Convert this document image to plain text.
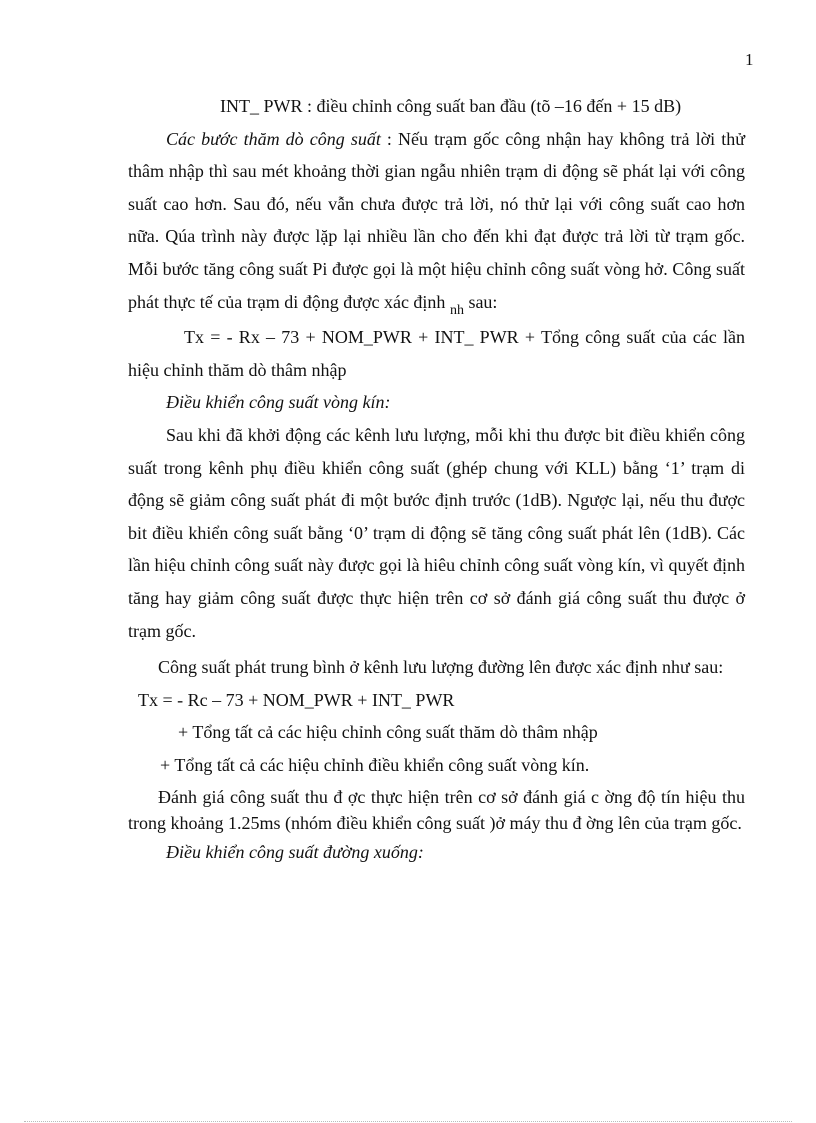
1

INT_ PWR : điều chỉnh công suất ban đầu (tõ –16 đến + 15 dB)

Các bước thăm dò công suất : Nếu trạm gốc công nhận hay không trả lời thử thâm nhập thì sau mét khoảng thời gian ngẫu nhiên trạm di động sẽ phát lại với công suất cao hơn. Sau đó, nếu vẫn chưa được trả lời, nó thử lại với công suất cao hơn nữa. Qúa trình này được lặp lại nhiều lần cho đến khi đạt được trả lời từ trạm gốc. Mỗi bước tăng công suất Pi được gọi là một hiệu chỉnh công suất vòng hở. Công suất phát thực tế của trạm di động được xác định $_{nh}$ sau:

Tx = - Rx – 73 + NOM_PWR + INT_ PWR + Tổng công suất của các lần hiệu chỉnh thăm dò thâm nhập

Điều khiển công suất vòng kín:

Sau khi đã khởi động các kênh lưu lượng, mỗi khi thu được bit điều khiển công suất trong kênh phụ điều khiển công suất (ghép chung với KLL) bằng ‘1’ trạm di động sẽ giảm công suất phát đi một bước định trước (1dB). Ngược lại, nếu thu được bit điều khiển công suất bằng ‘0’ trạm di động sẽ tăng công suất phát lên (1dB). Các lần hiệu chỉnh công suất này được gọi là hiêu chỉnh công suất vòng kín, vì quyết định tăng hay giảm công suất được thực hiện trên cơ sở đánh giá công suất thu được ở trạm gốc.

Công suất phát trung bình ở kênh lưu lượng đường lên được xác định như sau:

Tx = - Rc – 73 + NOM_PWR + INT_ PWR

+ Tổng tất cả các hiệu chỉnh công suất thăm dò thâm nhập

+ Tổng tất cả các hiệu chỉnh điều khiển công suất vòng kín.

Đánh giá công suất thu đ ợc thực hiện trên cơ sở đánh giá c ờng độ tín hiệu thu trong khoảng 1.25ms (nhóm điều khiển công suất )ở máy thu đ ờng lên của trạm gốc.

Điều khiển công suất đường xuống:
